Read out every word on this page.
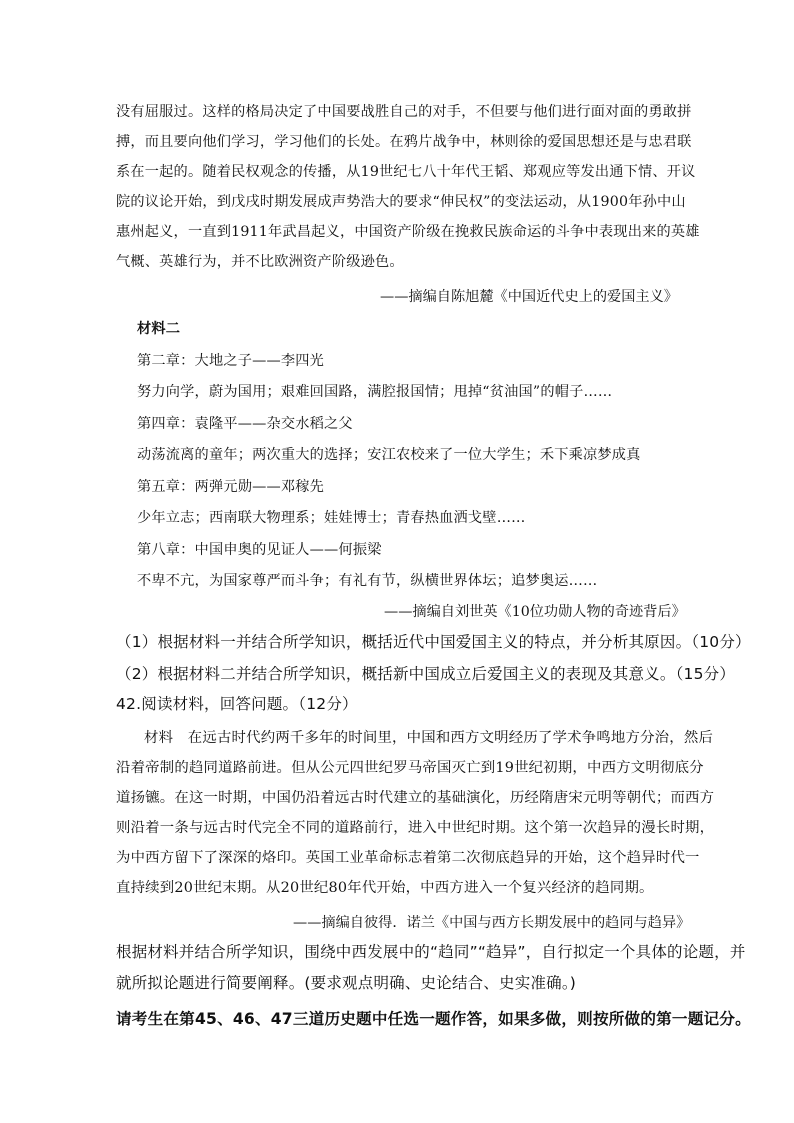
没有屈服过。这样的格局决定了中国要战胜自己的对手，不但要与他们进行面对面的勇敢拼
搏，而且要向他们学习，学习他们的长处。在鸦片战争中，林则徐的爱国思想还是与忠君联
系在一起的。随着民权观念的传播，从19世纪七八十年代王韬、郑观应等发出通下情、开议
院的议论开始，到戊戌时期发展成声势浩大的要求“伸民权”的变法运动，从1900年孙中山
惠州起义，一直到1911年武昌起义，中国资产阶级在挽救民族命运的斗争中表现出来的英雄
气概、英雄行为，并不比欧洲资产阶级逊色。
——摘编自陈旭麓《中国近代史上的爱国主义》
材料二
第二章：大地之子——李四光
努力向学，蔚为国用；艰难回国路，满腔报国情；甩掉“贫油国”的帽子……
第四章：袁隆平——杂交水稻之父
动荡流离的童年；两次重大的选择；安江农校来了一位大学生；禾下乘凉梦成真
第五章：两弹元勋——邓稼先
少年立志；西南联大物理系；娃娃博士；青春热血洒戈壁……
第八章：中国申奥的见证人——何振梁
不卑不亢，为国家尊严而斗争；有礼有节，纵横世界体坛；追梦奥运……
——摘编自刘世英《10位功勋人物的奇迹背后》
（1）根据材料一并结合所学知识，概括近代中国爱国主义的特点，并分析其原因。（10分）
（2）根据材料二并结合所学知识，概括新中国成立后爱国主义的表现及其意义。（15分）
42.阅读材料，回答问题。（12分）
材料　在远古时代约两千多年的时间里，中国和西方文明经历了学术争鸣地方分治，然后
沿着帝制的趋同道路前进。但从公元四世纪罗马帝国灭亡到19世纪初期，中西方文明彻底分
道扬镳。在这一时期，中国仍沿着远古时代建立的基础演化，历经隋唐宋元明等朝代；而西方
则沿着一条与远古时代完全不同的道路前行，进入中世纪时期。这个第一次趋异的漫长时期，
为中西方留下了深深的烙印。英国工业革命标志着第二次彻底趋异的开始，这个趋异时代一
直持续到20世纪末期。从20世纪80年代开始，中西方进入一个复兴经济的趋同期。
——摘编自彼得．诺兰《中国与西方长期发展中的趋同与趋异》
根据材料并结合所学知识，围绕中西发展中的“趋同”“趋异”，自行拟定一个具体的论题，并
就所拟论题进行简要阐释。(要求观点明确、史论结合、史实准确。)
请考生在第45、46、47三道历史题中任选一题作答，如果多做，则按所做的第一题记分。
